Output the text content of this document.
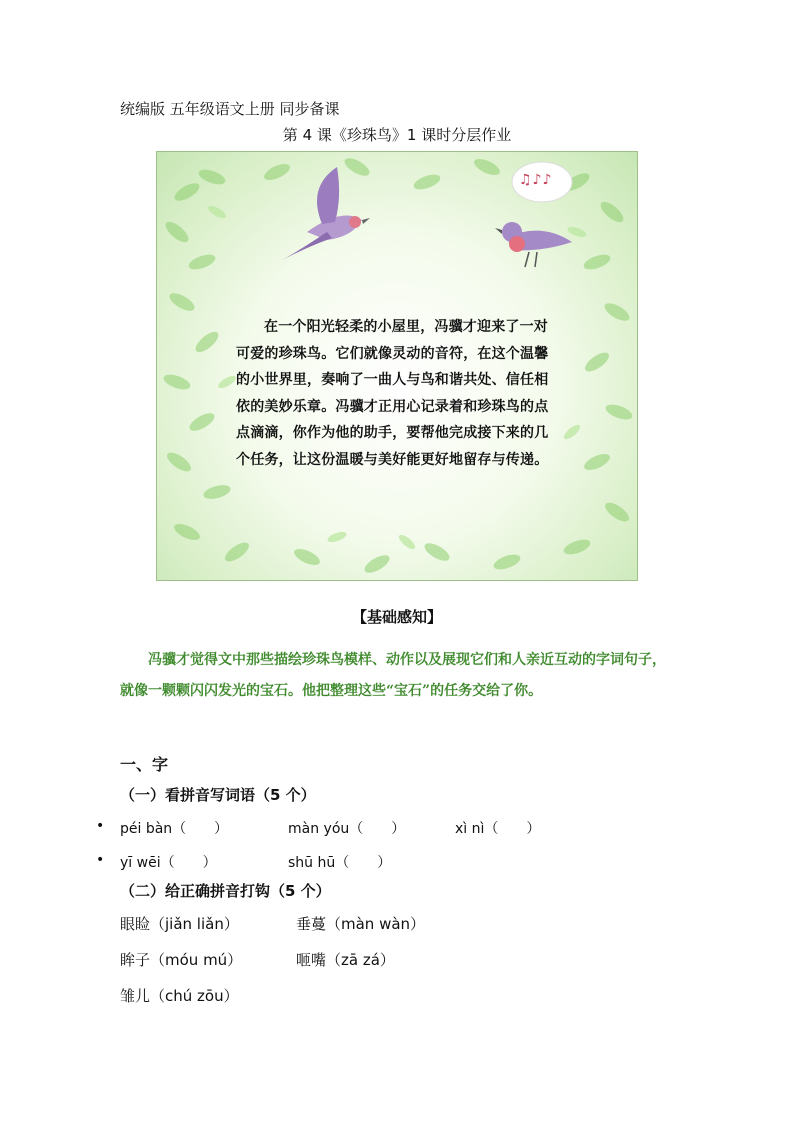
统编版 五年级语文上册 同步备课
第 4 课《珍珠鸟》1 课时分层作业
♫♪♪
在一个阳光轻柔的小屋里，冯骥才迎来了一对可爱的珍珠鸟。它们就像灵动的音符，在这个温馨的小世界里，奏响了一曲人与鸟和谐共处、信任相依的美妙乐章。冯骥才正用心记录着和珍珠鸟的点点滴滴，你作为他的助手，要帮他完成接下来的几个任务，让这份温暖与美好能更好地留存与传递。
【基础感知】
冯骥才觉得文中那些描绘珍珠鸟模样、动作以及展现它们和人亲近互动的字词句子，就像一颗颗闪闪发光的宝石。他把整理这些“宝石”的任务交给了你。
一、字
（一）看拼音写词语（5 个）
• péi bàn（　　）	màn yóu（　　）	xì nì（　　）
• yī wēi（　　）	shū hū（　　）
（二）给正确拼音打钩（5 个）
眼睑（jiǎn liǎn）	垂蔓（màn wàn）
眸子（móu mú）	咂嘴（zā zá）
雏儿（chú zōu）
